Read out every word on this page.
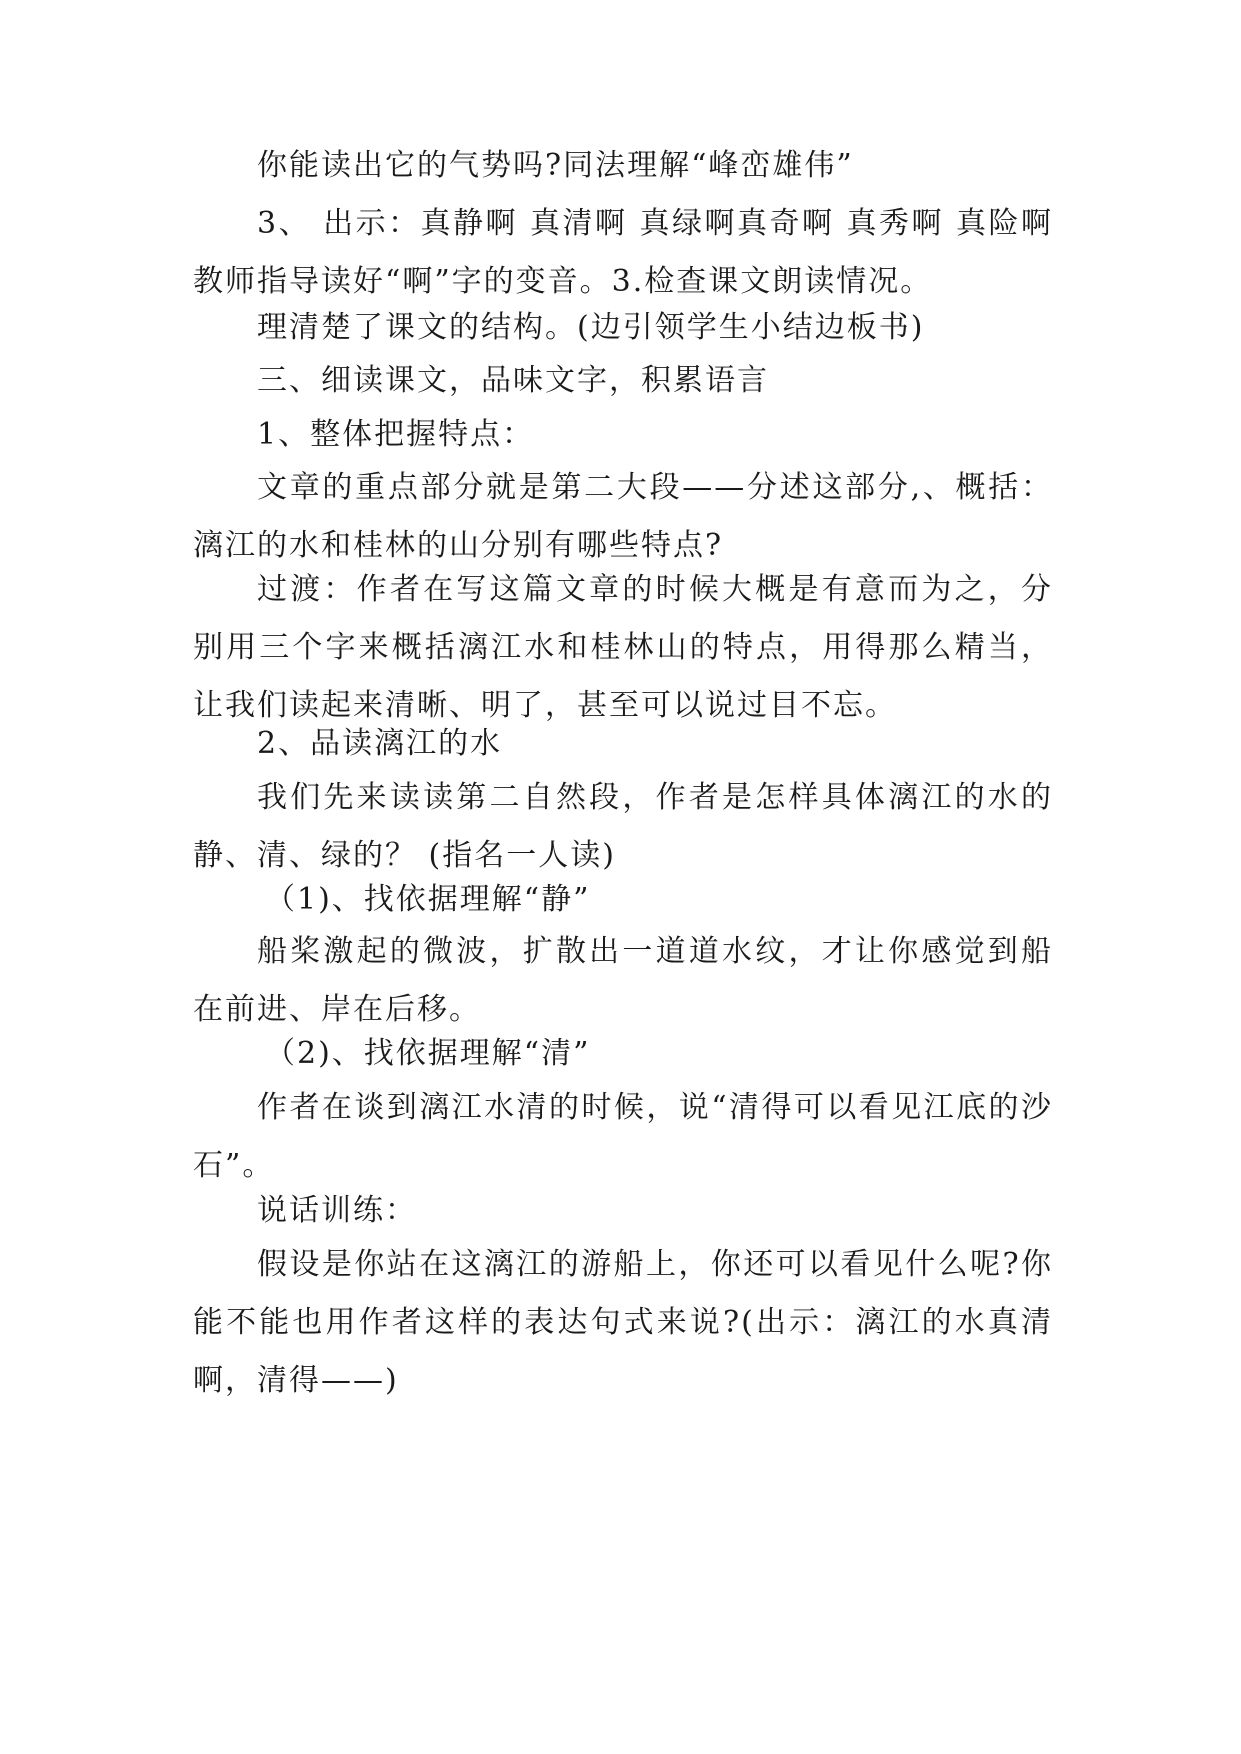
你能读出它的气势吗?同法理解“峰峦雄伟”

3、 出示：真静啊 真清啊 真绿啊真奇啊 真秀啊 真险啊教师指导读好“啊”字的变音。3.检查课文朗读情况。

理清楚了课文的结构。(边引领学生小结边板书)

三、细读课文，品味文字，积累语言

1、整体把握特点：

文章的重点部分就是第二大段——分述这部分,、概括：漓江的水和桂林的山分别有哪些特点?

过渡：作者在写这篇文章的时候大概是有意而为之，分别用三个字来概括漓江水和桂林山的特点，用得那么精当，让我们读起来清晰、明了，甚至可以说过目不忘。

2、品读漓江的水

我们先来读读第二自然段，作者是怎样具体漓江的水的静、清、绿的？ (指名一人读)

（1)、找依据理解“静”

船桨激起的微波，扩散出一道道水纹，才让你感觉到船在前进、岸在后移。

（2)、找依据理解“清”

作者在谈到漓江水清的时候，说“清得可以看见江底的沙石”。

说话训练：

假设是你站在这漓江的游船上，你还可以看见什么呢?你能不能也用作者这样的表达句式来说?(出示：漓江的水真清啊，清得——)
